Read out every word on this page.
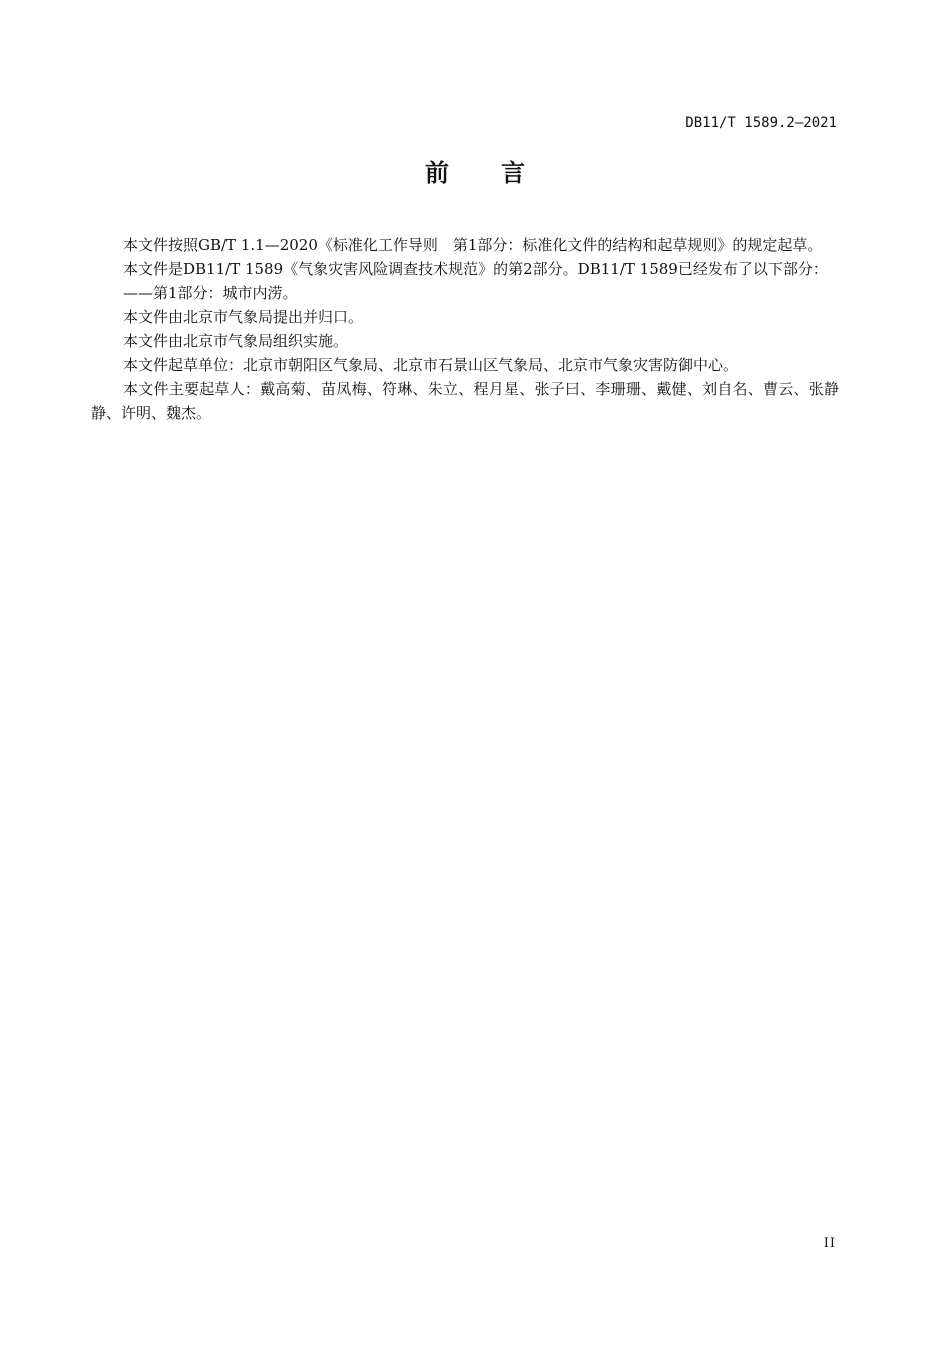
DB11/T 1589.2—2021
前言

本文件按照GB/T 1.1—2020《标准化工作导则　第1部分：标准化文件的结构和起草规则》的规定起草。

本文件是DB11/T 1589《气象灾害风险调查技术规范》的第2部分。DB11/T 1589已经发布了以下部分：

——第1部分：城市内涝。

本文件由北京市气象局提出并归口。

本文件由北京市气象局组织实施。

本文件起草单位：北京市朝阳区气象局、北京市石景山区气象局、北京市气象灾害防御中心。

本文件主要起草人：戴高菊、苗凤梅、符琳、朱立、程月星、张子曰、李珊珊、戴健、刘自名、曹云、张静静、许明、魏杰。

II
